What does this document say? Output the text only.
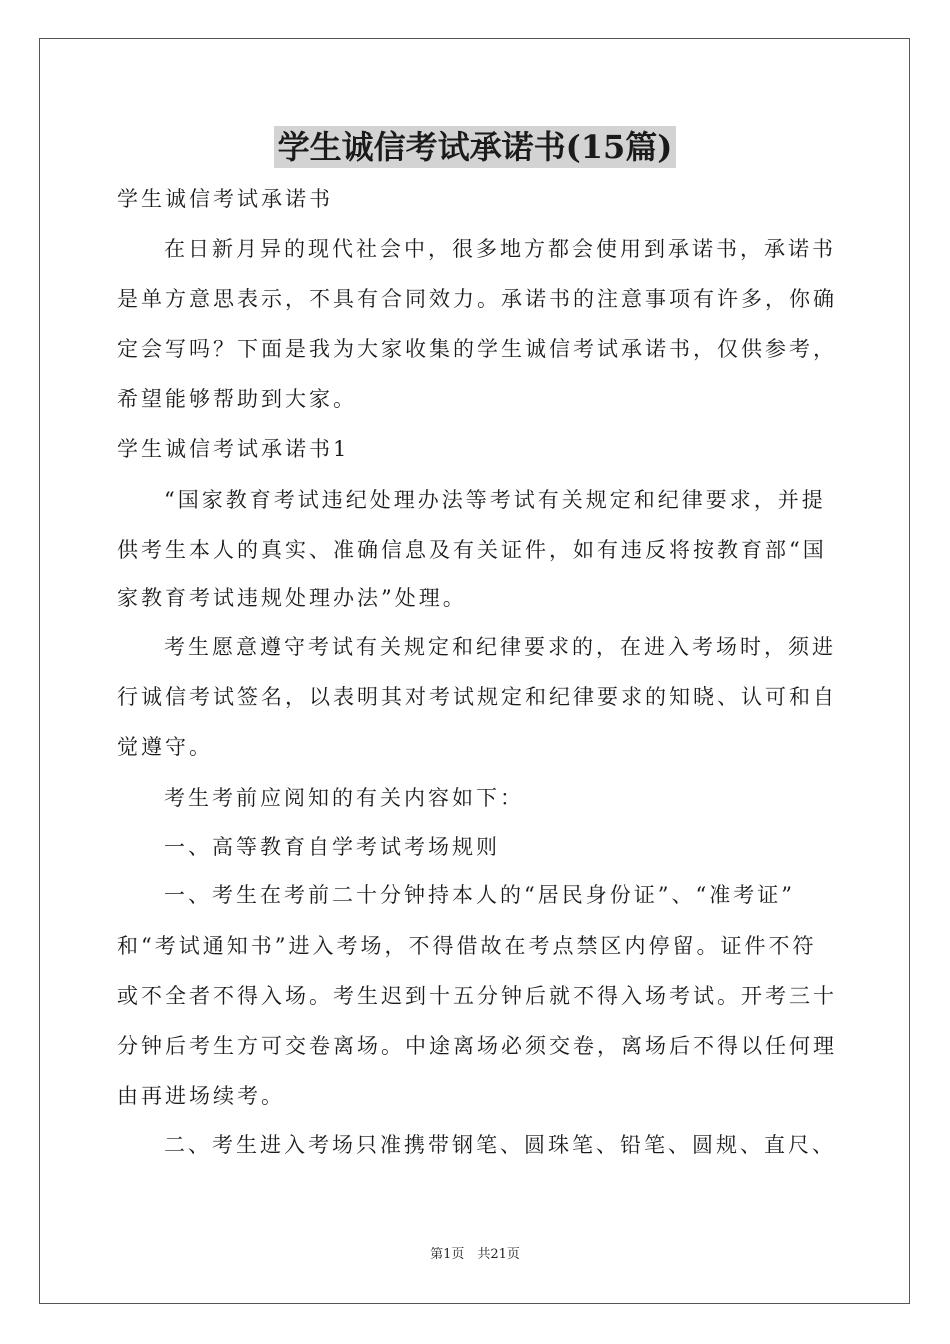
学生诚信考试承诺书(15篇)
学生诚信考试承诺书
在日新月异的现代社会中，很多地方都会使用到承诺书，承诺书
是单方意思表示，不具有合同效力。承诺书的注意事项有许多，你确
定会写吗？下面是我为大家收集的学生诚信考试承诺书，仅供参考，
希望能够帮助到大家。
学生诚信考试承诺书1
“国家教育考试违纪处理办法等考试有关规定和纪律要求，并提
供考生本人的真实、准确信息及有关证件，如有违反将按教育部“国
家教育考试违规处理办法”处理。
考生愿意遵守考试有关规定和纪律要求的，在进入考场时，须进
行诚信考试签名，以表明其对考试规定和纪律要求的知晓、认可和自
觉遵守。
考生考前应阅知的有关内容如下：
一、高等教育自学考试考场规则
一、考生在考前二十分钟持本人的“居民身份证”、“准考证”
和“考试通知书”进入考场，不得借故在考点禁区内停留。证件不符
或不全者不得入场。考生迟到十五分钟后就不得入场考试。开考三十
分钟后考生方可交卷离场。中途离场必须交卷，离场后不得以任何理
由再进场续考。
二、考生进入考场只准携带钢笔、圆珠笔、铅笔、圆规、直尺、
第1页　共21页
